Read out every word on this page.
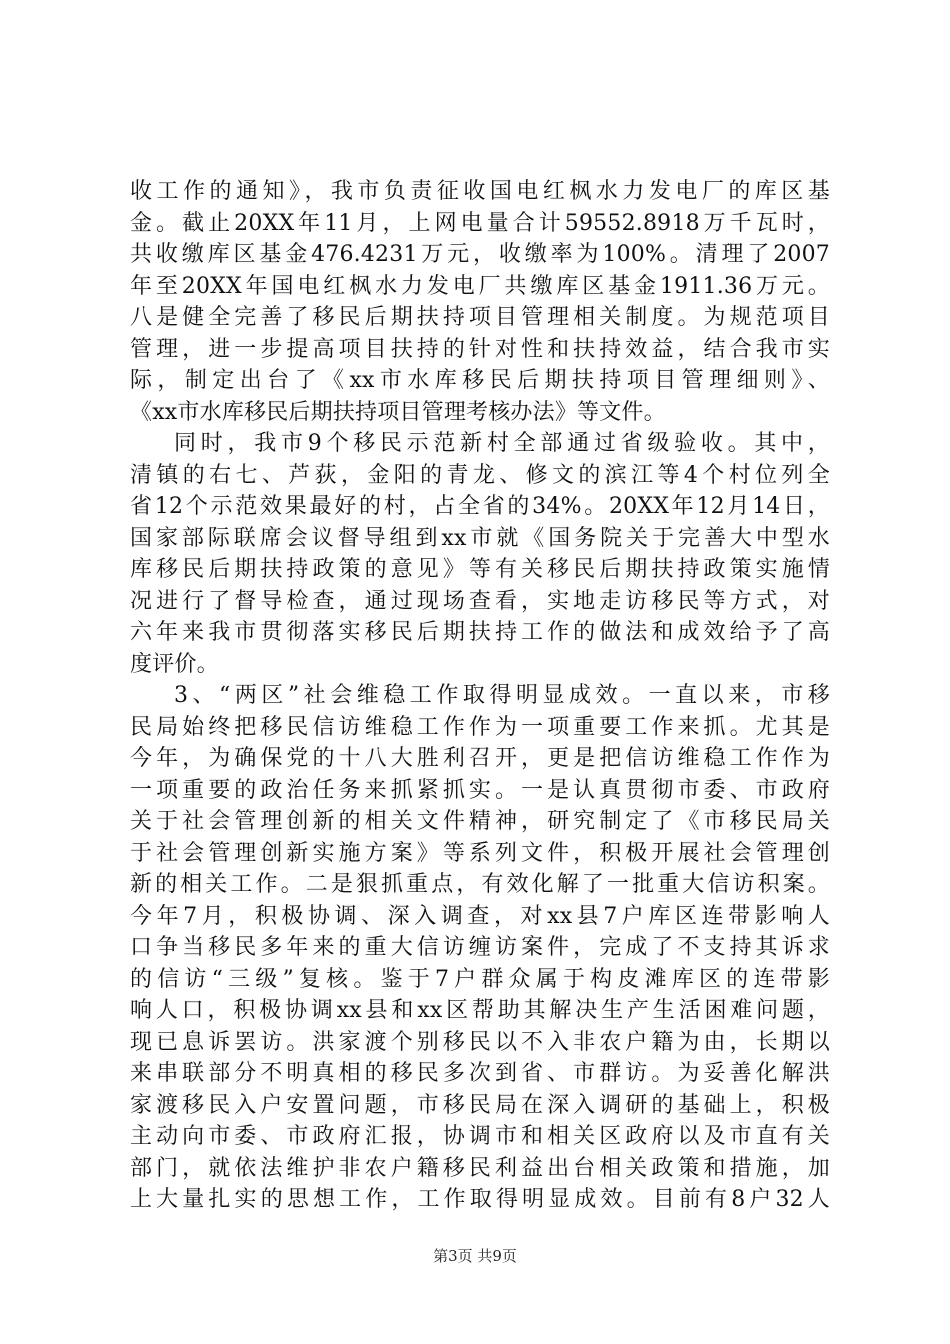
收工作的通知》，我市负责征收国电红枫水力发电厂的库区基
金。截止20XX年11月，上网电量合计59552.8918万千瓦时，
共收缴库区基金476.4231万元，收缴率为100%。清理了2007
年至20XX年国电红枫水力发电厂共缴库区基金1911.36万元。
八是健全完善了移民后期扶持项目管理相关制度。为规范项目
管理，进一步提高项目扶持的针对性和扶持效益，结合我市实
际，制定出台了《xx市水库移民后期扶持项目管理细则》、
《xx市水库移民后期扶持项目管理考核办法》等文件。
同时，我市9个移民示范新村全部通过省级验收。其中，
清镇的右七、芦荻，金阳的青龙、修文的滨江等4个村位列全
省12个示范效果最好的村，占全省的34%。20XX年12月14日，
国家部际联席会议督导组到xx市就《国务院关于完善大中型水
库移民后期扶持政策的意见》等有关移民后期扶持政策实施情
况进行了督导检查，通过现场查看，实地走访移民等方式，对
六年来我市贯彻落实移民后期扶持工作的做法和成效给予了高
度评价。
3、“两区”社会维稳工作取得明显成效。一直以来，市移
民局始终把移民信访维稳工作作为一项重要工作来抓。尤其是
今年，为确保党的十八大胜利召开，更是把信访维稳工作作为
一项重要的政治任务来抓紧抓实。一是认真贯彻市委、市政府
关于社会管理创新的相关文件精神，研究制定了《市移民局关
于社会管理创新实施方案》等系列文件，积极开展社会管理创
新的相关工作。二是狠抓重点，有效化解了一批重大信访积案。
今年7月，积极协调、深入调查，对xx县7户库区连带影响人
口争当移民多年来的重大信访缠访案件，完成了不支持其诉求
的信访“三级”复核。鉴于7户群众属于构皮滩库区的连带影
响人口，积极协调xx县和xx区帮助其解决生产生活困难问题，
现已息诉罢访。洪家渡个别移民以不入非农户籍为由，长期以
来串联部分不明真相的移民多次到省、市群访。为妥善化解洪
家渡移民入户安置问题，市移民局在深入调研的基础上，积极
主动向市委、市政府汇报，协调市和相关区政府以及市直有关
部门，就依法维护非农户籍移民利益出台相关政策和措施，加
上大量扎实的思想工作，工作取得明显成效。目前有8户32人
第3页 共9页
